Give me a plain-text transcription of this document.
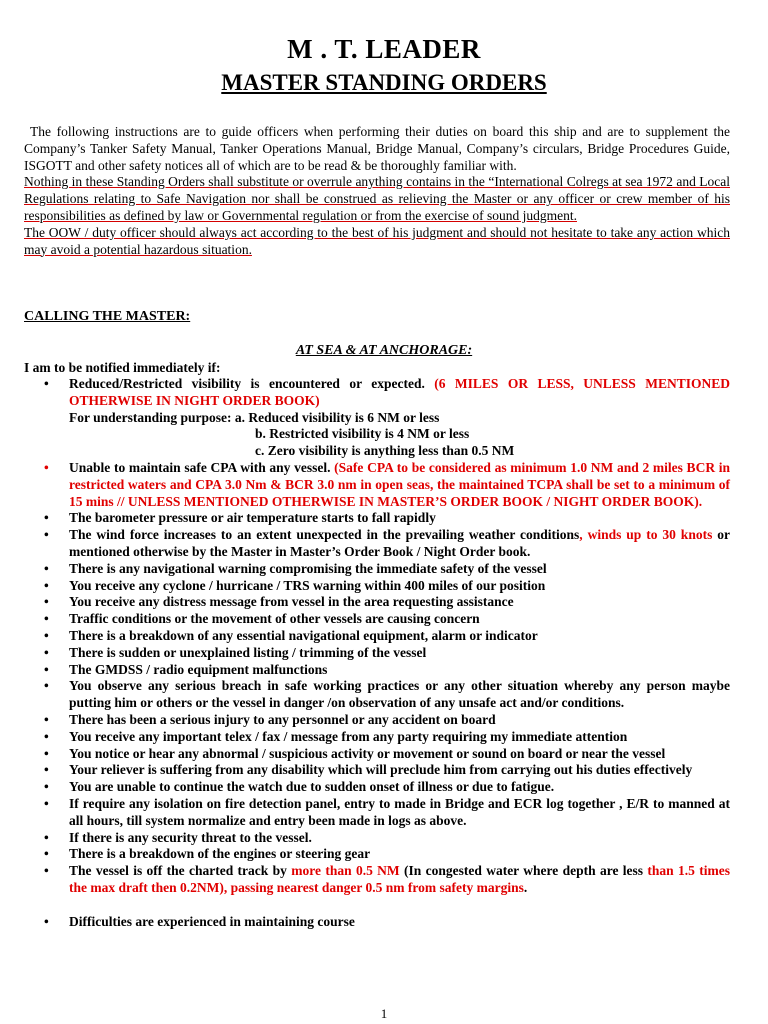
M . T. LEADER
MASTER STANDING ORDERS

The following instructions are to guide officers when performing their duties on board this ship and are to supplement the Company’s Tanker Safety Manual, Tanker Operations Manual, Bridge Manual, Company’s circulars, Bridge Procedures Guide, ISGOTT and other safety notices all of which are to be read & be thoroughly familiar with.

Nothing in these Standing Orders shall substitute or overrule anything contains in the “International Colregs at sea 1972 and Local Regulations relating to Safe Navigation nor shall be construed as relieving the Master or any officer or crew member of his responsibilities as defined by law or Governmental regulation or from the exercise of sound judgment.

The OOW / duty officer should always act according to the best of his judgment and should not hesitate to take any action which may avoid a potential hazardous situation.

CALLING THE MASTER:

AT SEA & AT ANCHORAGE:

I am to be notified immediately if:

•	Reduced/Restricted visibility is encountered or expected. (6 MILES OR LESS, UNLESS MENTIONED OTHERWISE IN NIGHT ORDER BOOK)
For understanding purpose: a. Reduced visibility is 6 NM or less
b. Restricted visibility is 4 NM or less
c. Zero visibility is anything less than 0.5 NM
•	Unable to maintain safe CPA with any vessel. (Safe CPA to be considered as minimum 1.0 NM and 2 miles BCR in restricted waters and CPA 3.0 Nm & BCR 3.0 nm in open seas, the maintained TCPA shall be set to a minimum of 15 mins // UNLESS MENTIONED OTHERWISE IN MASTER’S ORDER BOOK / NIGHT ORDER BOOK).
•	The barometer pressure or air temperature starts to fall rapidly
•	The wind force increases to an extent unexpected in the prevailing weather conditions, winds up to 30 knots or mentioned otherwise by the Master in Master’s Order Book / Night Order book.
•	There is any navigational warning compromising the immediate safety of the vessel
•	You receive any cyclone / hurricane / TRS warning within 400 miles of our position
•	You receive any distress message from vessel in the area requesting assistance
•	Traffic conditions or the movement of other vessels are causing concern
•	There is a breakdown of any essential navigational equipment, alarm or indicator
•	There is sudden or unexplained listing / trimming of the vessel
•	The GMDSS / radio equipment malfunctions
•	You observe any serious breach in safe working practices or any other situation whereby any person maybe putting him or others or the vessel in danger /on observation of any unsafe act and/or conditions.
•	There has been a serious injury to any personnel or any accident on board
•	You receive any important telex / fax / message from any party requiring my immediate attention
•	You notice or hear any abnormal / suspicious activity or movement or sound on board or near the vessel
•	Your reliever is suffering from any disability which will preclude him from carrying out his duties effectively
•	You are unable to continue the watch due to sudden onset of illness or due to fatigue.
•	If require any isolation on fire detection panel, entry to made in Bridge and ECR log together , E/R to manned at all hours, till system normalize and entry been made in logs as above.
•	If there is any security threat to the vessel.
•	There is a breakdown of the engines or steering gear
•	The vessel is off the charted track by more than 0.5 NM (In congested water where depth are less than 1.5 times the max draft then 0.2NM), passing nearest danger 0.5 nm from safety margins.
•	Difficulties are experienced in maintaining course
1
